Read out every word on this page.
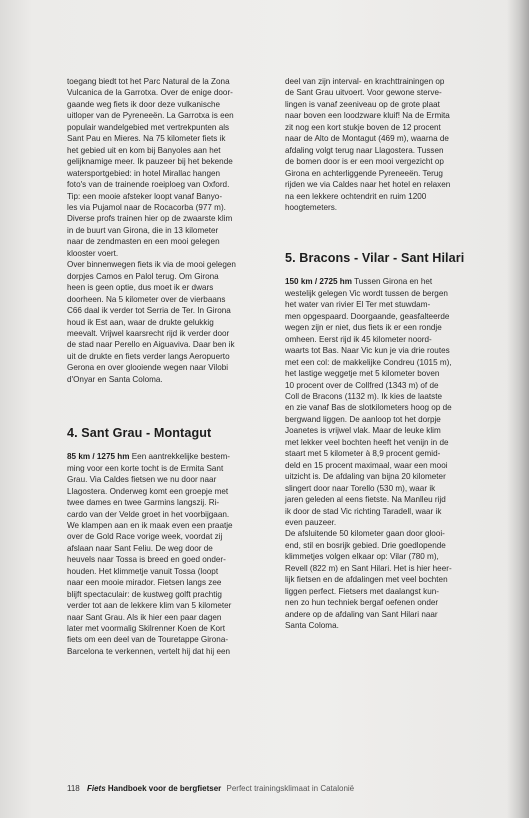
toegang biedt tot het Parc Natural de la Zona
Vulcanica de la Garrotxa. Over de enige door-
gaande weg fiets ik door deze vulkanische
uitloper van de Pyreneeën. La Garrotxa is een
populair wandelgebied met vertrekpunten als
Sant Pau en Mieres. Na 75 kilometer fiets ik
het gebied uit en kom bij Banyoles aan het
gelijknamige meer. Ik pauzeer bij het bekende
watersportgebied: in hotel Mirallac hangen
foto's van de trainende roeiploeg van Oxford.
Tip: een mooie afsteker loopt vanaf Banyo-
les via Pujamol naar de Rocacorba (977 m).
Diverse profs trainen hier op de zwaarste klim
in de buurt van Girona, die in 13 kilometer
naar de zendmasten en een mooi gelegen
klooster voert.
Over binnenwegen fiets ik via de mooi gelegen
dorpjes Camos en Palol terug. Om Girona
heen is geen optie, dus moet ik er dwars
doorheen. Na 5 kilometer over de vierbaans
C66 daal ik verder tot Serria de Ter. In Girona
houd ik Est aan, waar de drukte gelukkig
meevalt. Vrijwel kaarsrecht rijd ik verder door
de stad naar Perello en Aiguaviva. Daar ben ik
uit de drukte en fiets verder langs Aeropuerto
Gerona en over glooiende wegen naar Vilobi
d'Onyar en Santa Coloma.

4. Sant Grau - Montagut

85 km / 1275 hm Een aantrekkelijke bestem-
ming voor een korte tocht is de Ermita Sant
Grau. Via Caldes fietsen we nu door naar
Llagostera. Onderweg komt een groepje met
twee dames en twee Garmins langszij. Ri-
cardo van der Velde groet in het voorbijgaan.
We klampen aan en ik maak even een praatje
over de Gold Race vorige week, voordat zij
afslaan naar Sant Feliu. De weg door de
heuvels naar Tossa is breed en goed onder-
houden. Het klimmetje vanuit Tossa (loopt
naar een mooie mirador. Fietsen langs zee
blijft spectaculair: de kustweg golft prachtig
verder tot aan de lekkere klim van 5 kilometer
naar Sant Grau. Als ik hier een paar dagen
later met voormalig Skilrenner Koen de Kort
fiets om een deel van de Touretappe Girona-
Barcelona te verkennen, vertelt hij dat hij een

deel van zijn interval- en krachttrainingen op
de Sant Grau uitvoert. Voor gewone sterve-
lingen is vanaf zeeniveau op de grote plaat
naar boven een loodzware kluif! Na de Ermita
zit nog een kort stukje boven de 12 procent
naar de Alto de Montagut (469 m), waarna de
afdaling volgt terug naar Llagostera. Tussen
de bomen door is er een mooi vergezicht op
Girona en achterliggende Pyreneeën. Terug
rijden we via Caldes naar het hotel en relaxen
na een lekkere ochtendrit en ruim 1200
hoogtemeters.

5. Bracons - Vilar - Sant Hilari

150 km / 2725 hm Tussen Girona en het
westelijk gelegen Vic wordt tussen de bergen
het water van rivier El Ter met stuwdam-
men opgespaard. Doorgaande, geasfalteerde
wegen zijn er niet, dus fiets ik er een rondje
omheen. Eerst rijd ik 45 kilometer noord-
waarts tot Bas. Naar Vic kun je via drie routes
met een col: de makkelijke Condreu (1015 m),
het lastige weggetje met 5 kilometer boven
10 procent over de Collfred (1343 m) of de
Coll de Bracons (1132 m). Ik kies de laatste
en zie vanaf Bas de slotkilometers hoog op de
bergwand liggen. De aanloop tot het dorpje
Joanetes is vrijwel vlak. Maar de leuke klim
met lekker veel bochten heeft het venijn in de
staart met 5 kilometer à 8,9 procent gemid-
deld en 15 procent maximaal, waar een mooi
uitzicht is. De afdaling van bijna 20 kilometer
slingert door naar Torello (530 m), waar ik
jaren geleden al eens fietste. Na Manlleu rijd
ik door de stad Vic richting Taradell, waar ik
even pauzeer.
De afsluitende 50 kilometer gaan door glooi-
end, stil en bosrijk gebied. Drie goedlopende
klimmetjes volgen elkaar op: Vilar (780 m),
Revell (822 m) en Sant Hilari. Het is hier heer-
lijk fietsen en de afdalingen met veel bochten
liggen perfect. Fietsers met daalangst kun-
nen zo hun techniek bergaf oefenen onder
andere op de afdaling van Sant Hilari naar
Santa Coloma.

118 Fiets Handboek voor de bergfietser Perfect trainingsklimaat in Catalonië
